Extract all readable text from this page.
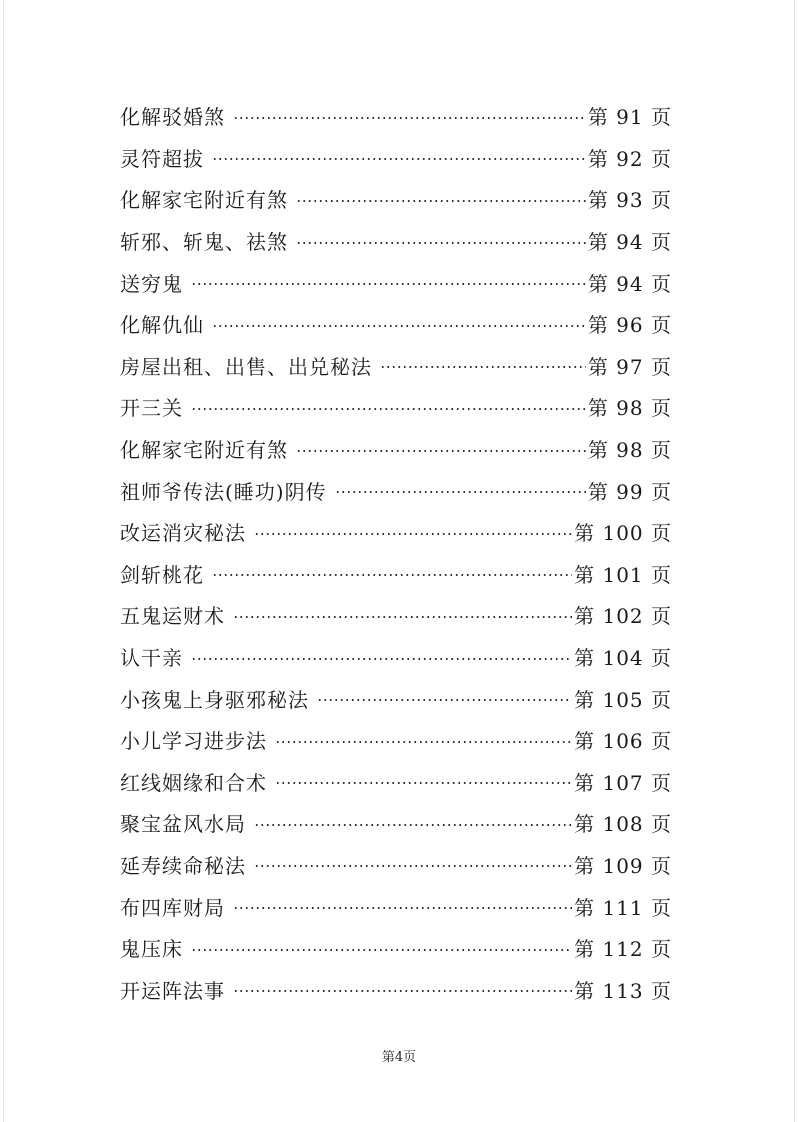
化解驳婚煞	第 91 页
灵符超拔	第 92 页
化解家宅附近有煞	第 93 页
斩邪、斩鬼、祛煞	第 94 页
送穷鬼	第 94 页
化解仇仙	第 96 页
房屋出租、出售、出兑秘法	第 97 页
开三关	第 98 页
化解家宅附近有煞	第 98 页
祖师爷传法(睡功)阴传	第 99 页
改运消灾秘法	第 100 页
剑斩桃花	第 101 页
五鬼运财术	第 102 页
认干亲	第 104 页
小孩鬼上身驱邪秘法	第 105 页
小儿学习进步法	第 106 页
红线姻缘和合术	第 107 页
聚宝盆风水局	第 108 页
延寿续命秘法	第 109 页
布四库财局	第 111 页
鬼压床	第 112 页
开运阵法事	第 113 页
第4页
